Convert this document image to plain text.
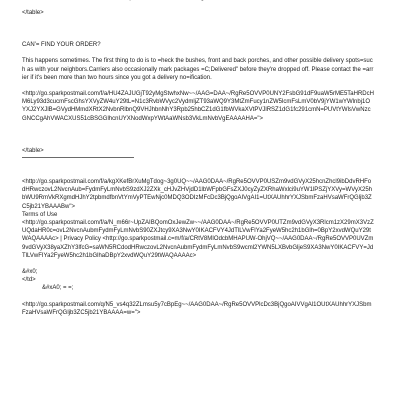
</table>
CAN'= FIND YOUR ORDER?
This happens sometimes. The first thing to do is to =heck the bushes, front and back porches, and other possible delivery spots=such as with your neighbors.Carriers also occasionally mark packages =C;Delivered" before they're dropped off. Please contact the =arrier if it's been more than two hours since you got a delivery no=ification.
<http://go.sparkpostmail.com/f/a/HU4ZAJUGjT92yMgStwhxNw~~/AAG=DAA~/RgRe5OVVP0UNY2FsbG91dF9uaW5rME5TaHRDcHM6Ly93d3cucmFscGhsYXVyZW4uY29tL=N1c3RvbWVyc2VydmljZT93aWQ9Y3MtZmFucy1nZW5lcmFsLmV0bV9jYW1wYWlnbj1OYXJ2YXJlB=GVydHMmdXRtX2NvbnRlbnQ9VHJhbnNhY3Rpb25hbCZ1dG1fbWVkaXVtPVJlRSZ1dG1fc291cmN=PUVtYWlsVwNzcGNCCgAhVWACXUS51cBSGGlhcnUYXNodWxpYWtAaWNsb3VkLmNvbVgEAAAAHA=">
</table>
<http://go.sparkpostmail.com/f/a/kgXKefBrXuMgTdog~3g0UQ~~/AAG0DAA~/RgRe5OVVP0USZm9vdGVyX25hcnZhcl9ibDdvRHFodHRwczovL2NvcnAub=FydmFyLmNvbS9zdXJ2ZXk_cHJvZHVjdD1lbWFpbGFsZXJ0cyZyZXRhaWxlci9uYW1lPSZjYXVy=WVyX25hbWU9RmVkRXgmdHJhY2tpbmdfbnVtYmVyPTEwNjc0MDQ3ODIzMFcDc3BjQgoAIVgAI1=UtXAUhhrYXJSbmFzaHVsaWFrQGljb3ZC5jb21YBAAABw">
Terms of Use
<http://go.sparkpostmail.com/f/a/N_m66r~UpZAIBQomOxJewZw~~/AAG0DAA~/RgRe5OVVP0UTZm9vdGVyX3Rlcm1zX29mX3VzZUQdaHR0c=ovL2NvcnAubmFydmFyLmNvbS90ZXJtcy9XA3NwY0IKACFVY4JdTlLVwFIYa2FyeW5hc2h1bGlh=0BpY2xvdWQuY29tWAQAAAAc> | Privacy Policy <http://go.sparkpostmail.c=m/f/a/CRtV8MIOdcbMHAPUW-OhjVQ~~/AAG0DAA~/RgRe5OVVP0UVZm9vdGVyX38yaXZhY3lfcG=saWN5RCdodHRwczovL2NvcnAubmFydmFyLmNvbS9wcml2YWN5LXBvbGljeS9XA3NwY0IKACFVY=JdTlLVwFIYa2FyeW5hc2h1bGlhaDBpY2xvdWQuY29tWAQAAAAc>
&#x0;
</td>
&#xA0; = =;
<http://go.sparkpostmail.com/q/N5_vs4q32ZLmsu5y7cBpEg~~/AAG0DAA~/RgRe5OVVPlcDc3BjQgoAIVVgAl1OUtXAUhhrYXJSbmFzaHVsaWFrQGljb3ZC5jb21YBAAAA=w=">
